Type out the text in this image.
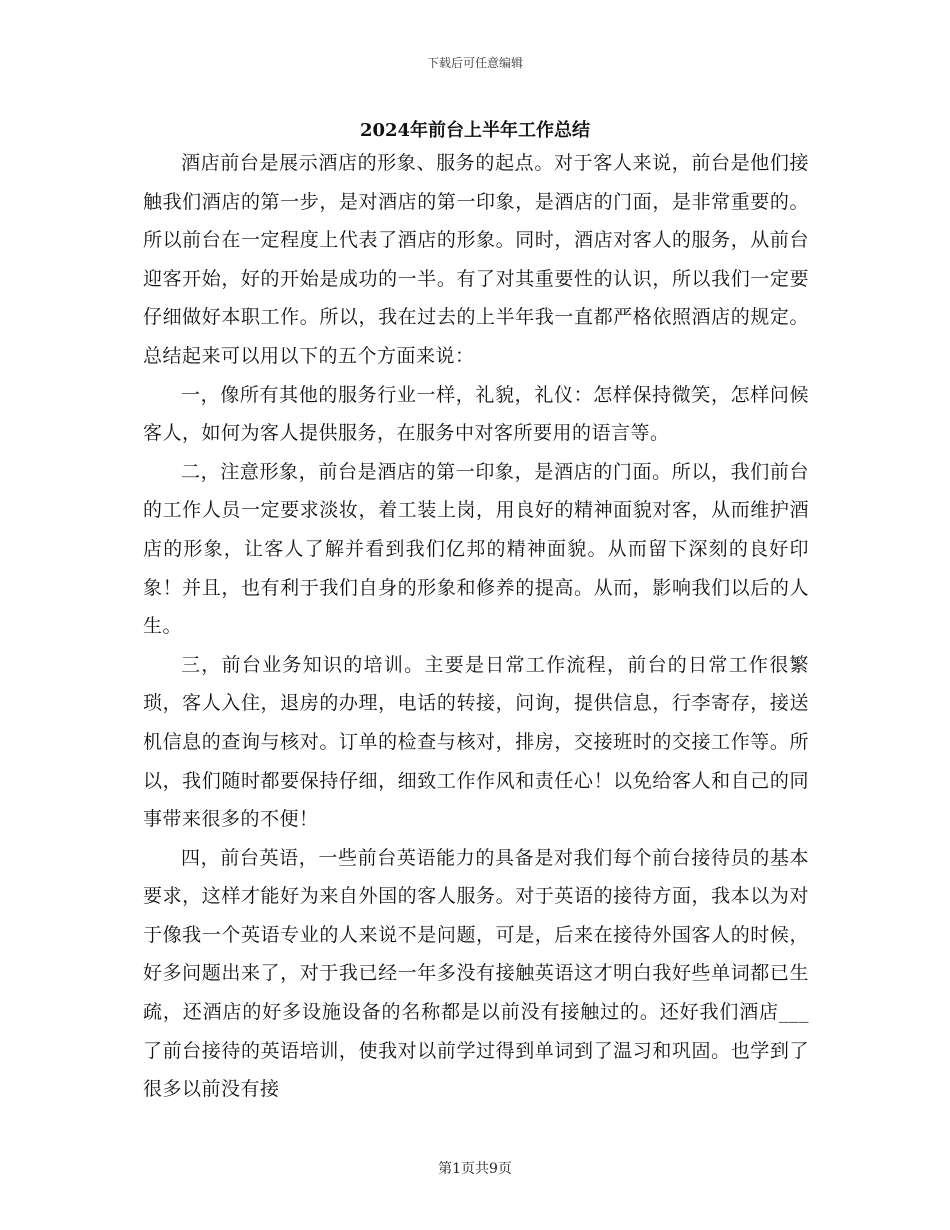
下载后可任意编辑
2024年前台上半年工作总结

酒店前台是展示酒店的形象、服务的起点。对于客人来说，前台是他们接触我们酒店的第一步，是对酒店的第一印象，是酒店的门面，是非常重要的。所以前台在一定程度上代表了酒店的形象。同时，酒店对客人的服务，从前台迎客开始，好的开始是成功的一半。有了对其重要性的认识，所以我们一定要仔细做好本职工作。所以，我在过去的上半年我一直都严格依照酒店的规定。总结起来可以用以下的五个方面来说：

一，像所有其他的服务行业一样，礼貌，礼仪：怎样保持微笑，怎样问候客人，如何为客人提供服务，在服务中对客所要用的语言等。

二，注意形象，前台是酒店的第一印象，是酒店的门面。所以，我们前台的工作人员一定要求淡妆，着工装上岗，用良好的精神面貌对客，从而维护酒店的形象，让客人了解并看到我们亿邦的精神面貌。从而留下深刻的良好印象！并且，也有利于我们自身的形象和修养的提高。从而，影响我们以后的人生。

三，前台业务知识的培训。主要是日常工作流程，前台的日常工作很繁琐，客人入住，退房的办理，电话的转接，问询，提供信息，行李寄存，接送机信息的查询与核对。订单的检查与核对，排房，交接班时的交接工作等。所以，我们随时都要保持仔细，细致工作作风和责任心！以免给客人和自己的同事带来很多的不便！

四，前台英语，一些前台英语能力的具备是对我们每个前台接待员的基本要求，这样才能好为来自外国的客人服务。对于英语的接待方面，我本以为对于像我一个英语专业的人来说不是问题，可是，后来在接待外国客人的时候，好多问题出来了，对于我已经一年多没有接触英语这才明白我好些单词都已生疏，还酒店的好多设施设备的名称都是以前没有接触过的。还好我们酒店___了前台接待的英语培训，使我对以前学过得到单词到了温习和巩固。也学到了很多以前没有接

第1页共9页
